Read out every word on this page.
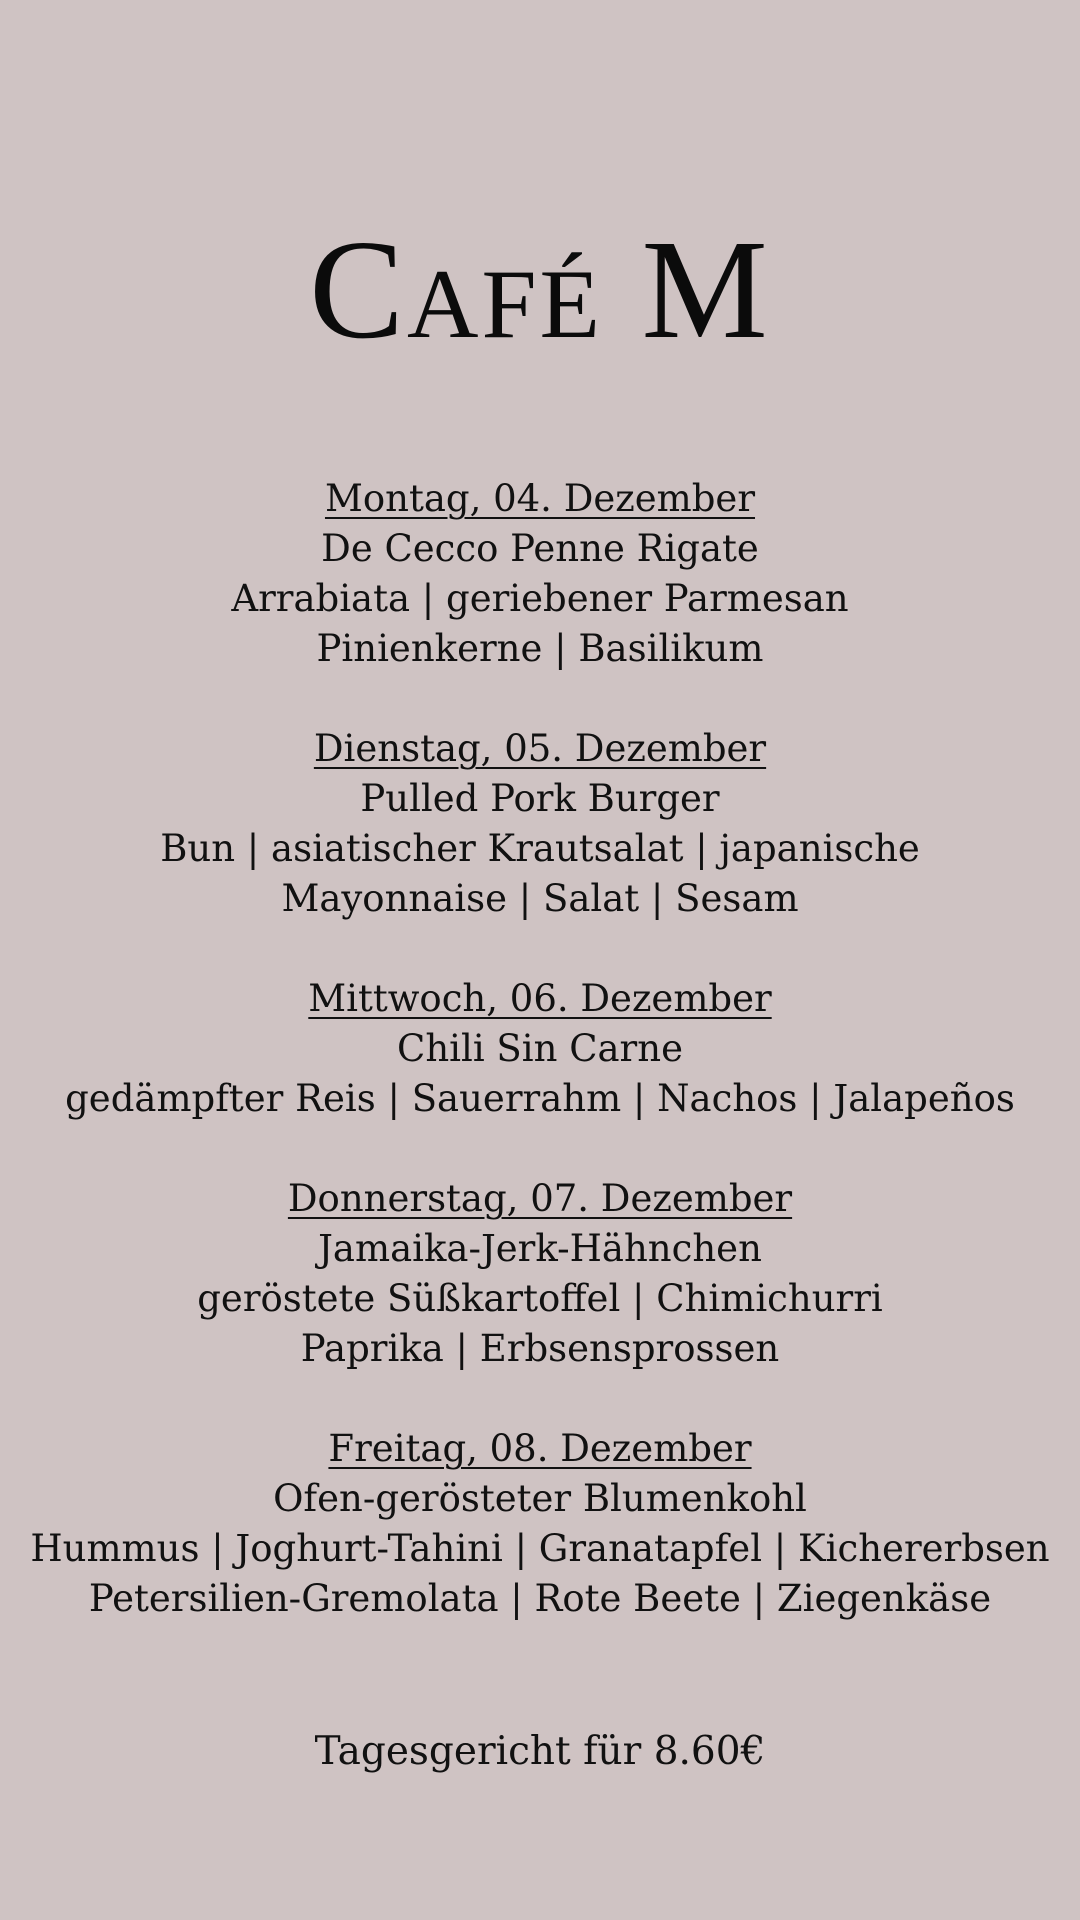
Café M
Montag, 04. Dezember
De Cecco Penne Rigate
Arrabiata | geriebener Parmesan
Pinienkerne | Basilikum
Dienstag, 05. Dezember
Pulled Pork Burger
Bun | asiatischer Krautsalat | japanische
Mayonnaise | Salat | Sesam
Mittwoch, 06. Dezember
Chili Sin Carne
gedämpfter Reis | Sauerrahm | Nachos | Jalapeños
Donnerstag, 07. Dezember
Jamaika-Jerk-Hähnchen
geröstete Süßkartoffel | Chimichurri
Paprika | Erbsensprossen
Freitag, 08. Dezember
Ofen-gerösteter Blumenkohl
Hummus | Joghurt-Tahini | Granatapfel | Kichererbsen
Petersilien-Gremolata | Rote Beete | Ziegenkäse
Tagesgericht für 8.60€
